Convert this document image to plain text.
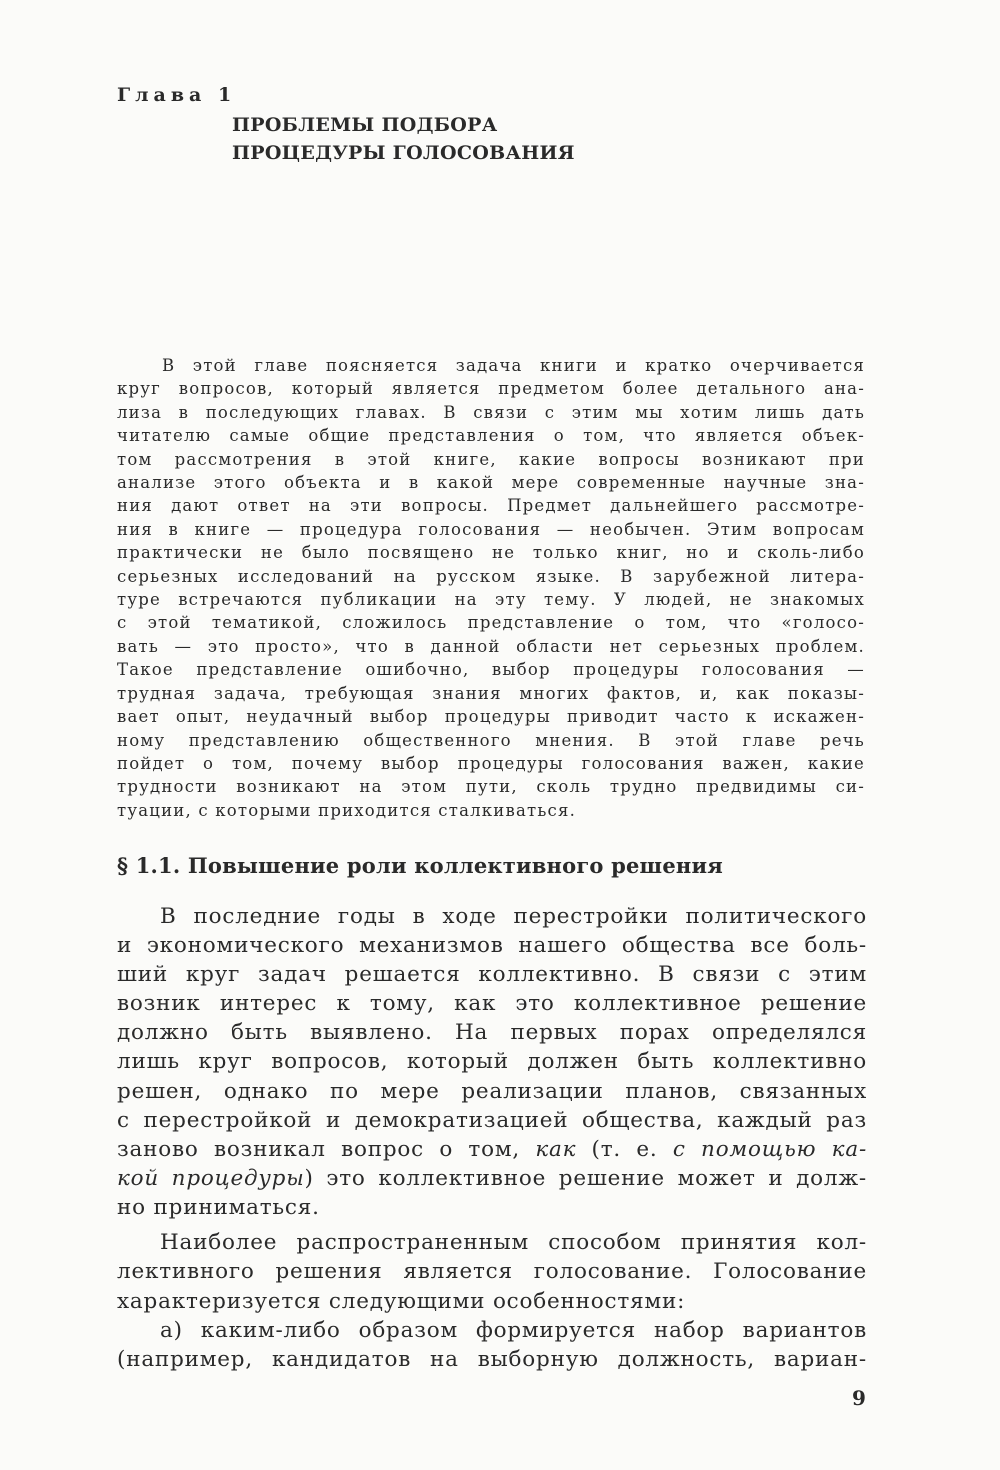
Глава 1
ПРОБЛЕМЫ ПОДБОРА
ПРОЦЕДУРЫ ГОЛОСОВАНИЯ
В этой главе поясняется задача книги и кратко очерчивается
круг вопросов, который является предметом более детального ана-
лиза в последующих главах. В связи с этим мы хотим лишь дать
читателю самые общие представления о том, что является объек-
том рассмотрения в этой книге, какие вопросы возникают при
анализе этого объекта и в какой мере современные научные зна-
ния дают ответ на эти вопросы. Предмет дальнейшего рассмотре-
ния в книге — процедура голосования — необычен. Этим вопросам
практически не было посвящено не только книг, но и сколь-либо
серьезных исследований на русском языке. В зарубежной литера-
туре встречаются публикации на эту тему. У людей, не знакомых
с этой тематикой, сложилось представление о том, что «голосо-
вать — это просто», что в данной области нет серьезных проблем.
Такое представление ошибочно, выбор процедуры голосования —
трудная задача, требующая знания многих фактов, и, как показы-
вает опыт, неудачный выбор процедуры приводит часто к искажен-
ному представлению общественного мнения. В этой главе речь
пойдет о том, почему выбор процедуры голосования важен, какие
трудности возникают на этом пути, сколь трудно предвидимы си-
туации, с которыми приходится сталкиваться.
§ 1.1. Повышение роли коллективного решения
В последние годы в ходе перестройки политического
и экономического механизмов нашего общества все боль-
ший круг задач решается коллективно. В связи с этим
возник интерес к тому, как это коллективное решение
должно быть выявлено. На первых порах определялся
лишь круг вопросов, который должен быть коллективно
решен, однако по мере реализации планов, связанных
с перестройкой и демократизацией общества, каждый раз
заново возникал вопрос о том, как (т. е. с помощью ка-
кой процедуры) это коллективное решение может и долж-
но приниматься.
Наиболее распространенным способом принятия кол-
лективного решения является голосование. Голосование
характеризуется следующими особенностями:
а) каким-либо образом формируется набор вариантов
(например, кандидатов на выборную должность, вариан-
9
